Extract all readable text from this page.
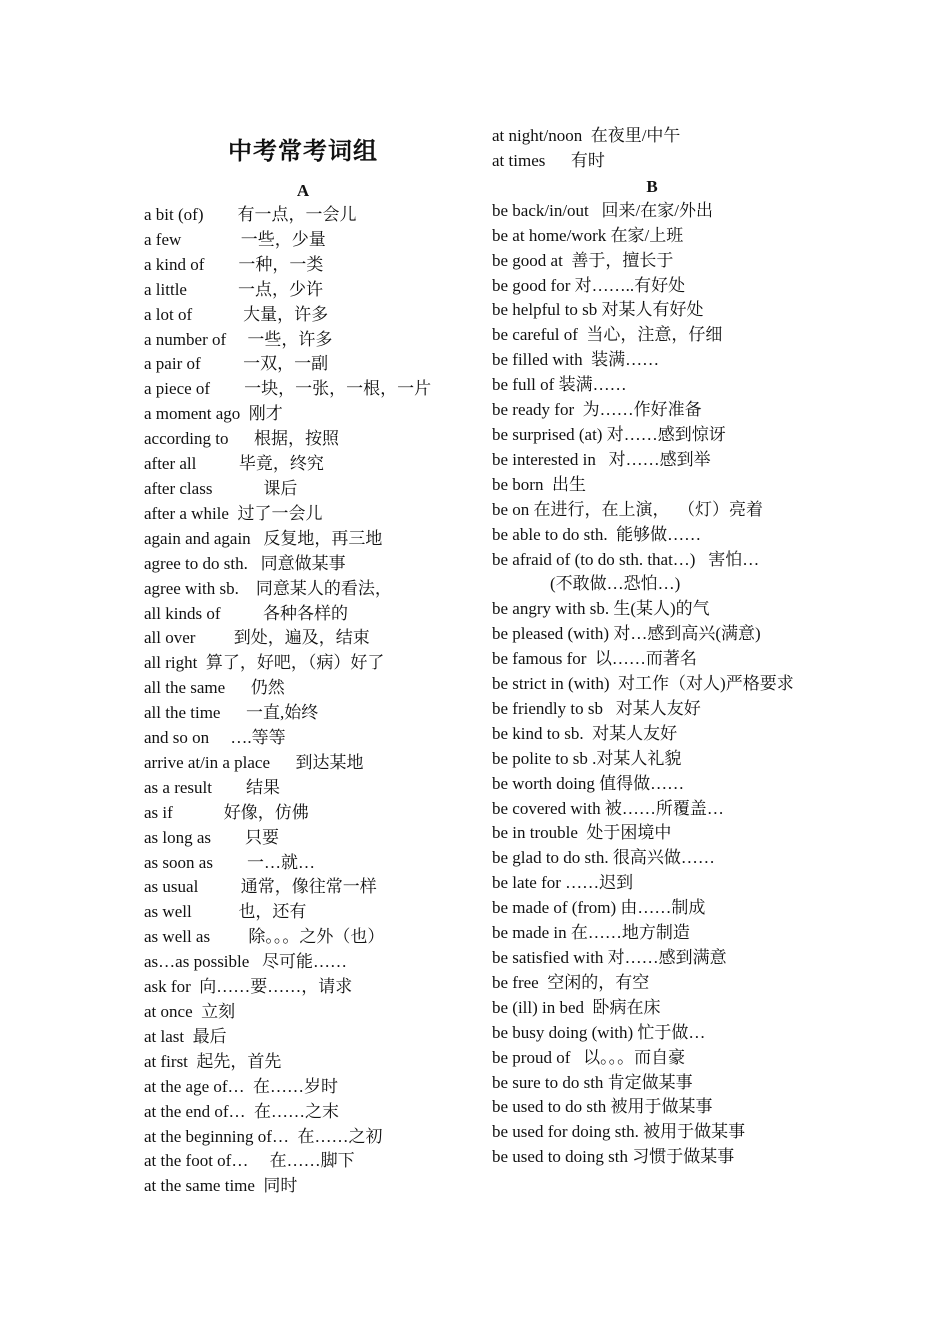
中考常考词组
A
a bit (of)        有一点，一会儿
a few              一些，少量
a kind of        一种，一类
a little            一点，少许
a lot of            大量，许多
a number of     一些，许多
a pair of          一双，一副
a piece of        一块，一张，一根，一片
a moment ago  刚才
according to      根据，按照
after all          毕竟，终究
after class            课后
after a while  过了一会儿
again and again   反复地，再三地
agree to do sth.   同意做某事
agree with sb.    同意某人的看法，
all kinds of          各种各样的
all over         到处，遍及，结束
all right  算了，好吧，（病）好了
all the same      仍然
all the time      一直,始终
and so on     ….等等
arrive at/in a place      到达某地
as a result        结果
as if            好像，仿佛
as long as        只要
as soon as        一…就…
as usual          通常，像往常一样
as well           也，还有
as well as         除。。。之外（也）
as…as possible   尽可能……
ask for  向……要……，请求
at once  立刻
at last  最后
at first  起先，首先
at the age of…  在……岁时
at the end of…  在……之末
at the beginning of…  在……之初
at the foot of…     在……脚下
at the same time  同时
at night/noon  在夜里/中午
at times      有时
B
be back/in/out   回来/在家/外出
be at home/work 在家/上班
be good at  善于，擅长于
be good for 对……..有好处
be helpful to sb 对某人有好处
be careful of  当心，注意，仔细
be filled with  装满……
be full of 装满……
be ready for  为……作好准备
be surprised (at) 对……感到惊讶
be interested in   对……感到举
be born  出生
be on 在进行，在上演，  （灯）亮着
be able to do sth.  能够做……
be afraid of (to do sth. that…)   害怕…
(不敢做…恐怕…)
be angry with sb. 生(某人)的气
be pleased (with) 对…感到高兴(满意)
be famous for  以……而著名
be strict in (with)  对工作（对人)严格要求
be friendly to sb   对某人友好
be kind to sb.  对某人友好
be polite to sb .对某人礼貌
be worth doing 值得做……
be covered with 被……所覆盖…
be in trouble  处于困境中
be glad to do sth. 很高兴做……
be late for ……迟到
be made of (from) 由……制成
be made in 在……地方制造
be satisfied with 对……感到满意
be free  空闲的，有空
be (ill) in bed  卧病在床
be busy doing (with) 忙于做…
be proud of   以。。。而自豪
be sure to do sth 肯定做某事
be used to do sth 被用于做某事
be used for doing sth. 被用于做某事
be used to doing sth 习惯于做某事
